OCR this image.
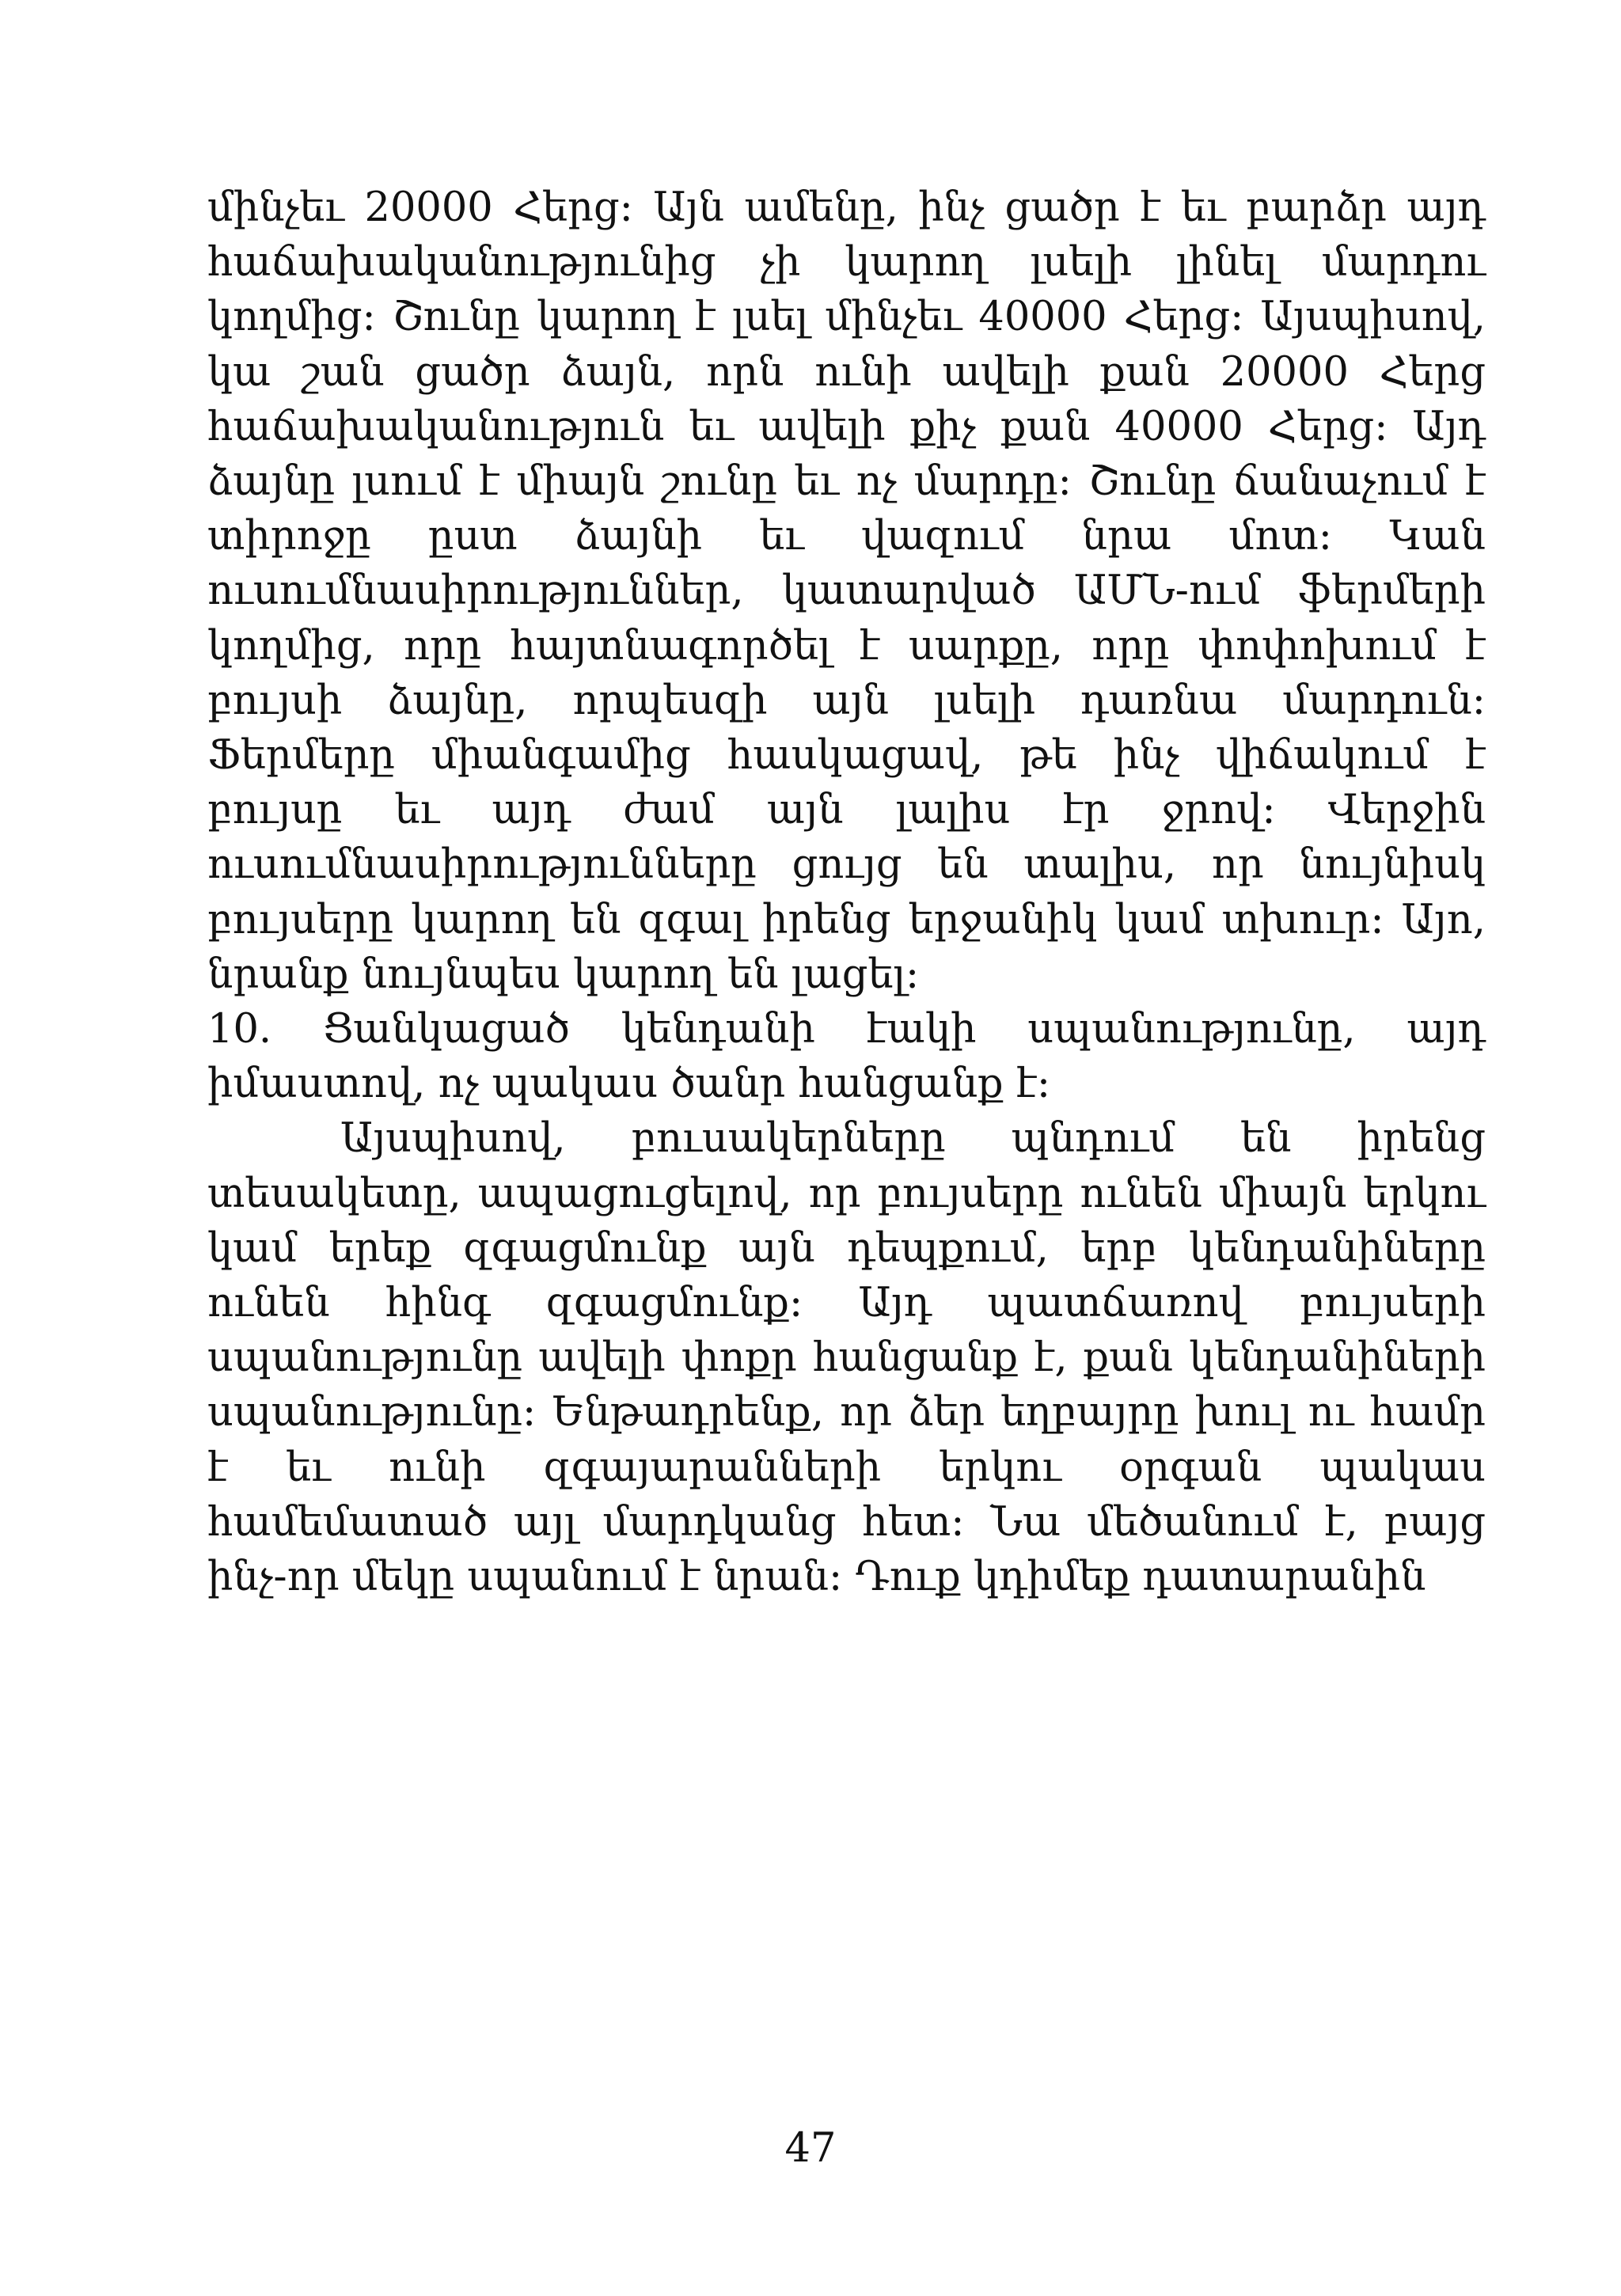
մինչեւ 20000 Հերց: Այն ամենը, ինչ ցածր է եւ բարձր այդ հաճախականությունից չի կարող լսելի լինել մարդու կողմից: Շունը կարող է լսել մինչեւ 40000 Հերց: Այսպիսով, կա շան ցածր ձայն, որն ունի ավելի քան 20000 Հերց հաճախականություն եւ ավելի քիչ քան 40000 Հերց: Այդ ձայնը լսում է միայն շունը եւ ոչ մարդը: Շունը ճանաչում է տիրոջը ըստ ձայնի եւ վազում նրա մոտ: Կան ուսումնասիրություններ, կատարված ԱՄՆ-ում ֆերմերի կողմից, որը հայտնագործել է սարքը, որը փոփոխում է բույսի ձայնը, որպեսզի այն լսելի դառնա մարդուն: Ֆերմերը միանգամից հասկացավ, թե ինչ վիճակում է բույսը եւ այդ ժամ այն լալիս էր ջրով: Վերջին ուսումնասիրությունները ցույց են տալիս, որ նույնիսկ բույսերը կարող են զգալ իրենց երջանիկ կամ տխուր: Այո, նրանք նույնպես կարող են լացել:

10. Ցանկացած կենդանի էակի սպանությունը, այդ իմաստով, ոչ պակաս ծանր հանցանք է:

Այսպիսով, բուսակերները պնդում են իրենց տեսակետը, ապացուցելով, որ բույսերը ունեն միայն երկու կամ երեք զգացմունք այն դեպքում, երբ կենդանիները ունեն հինգ զգացմունք: Այդ պատճառով բույսերի սպանությունը ավելի փոքր հանցանք է, քան կենդանիների սպանությունը: Ենթադրենք, որ ձեր եղբայրը խուլ ու համր է եւ ունի զգայարանների երկու օրգան պակաս համեմատած այլ մարդկանց հետ: Նա մեծանում է, բայց ինչ-որ մեկը սպանում է նրան: Դուք կդիմեք դատարանին

47
